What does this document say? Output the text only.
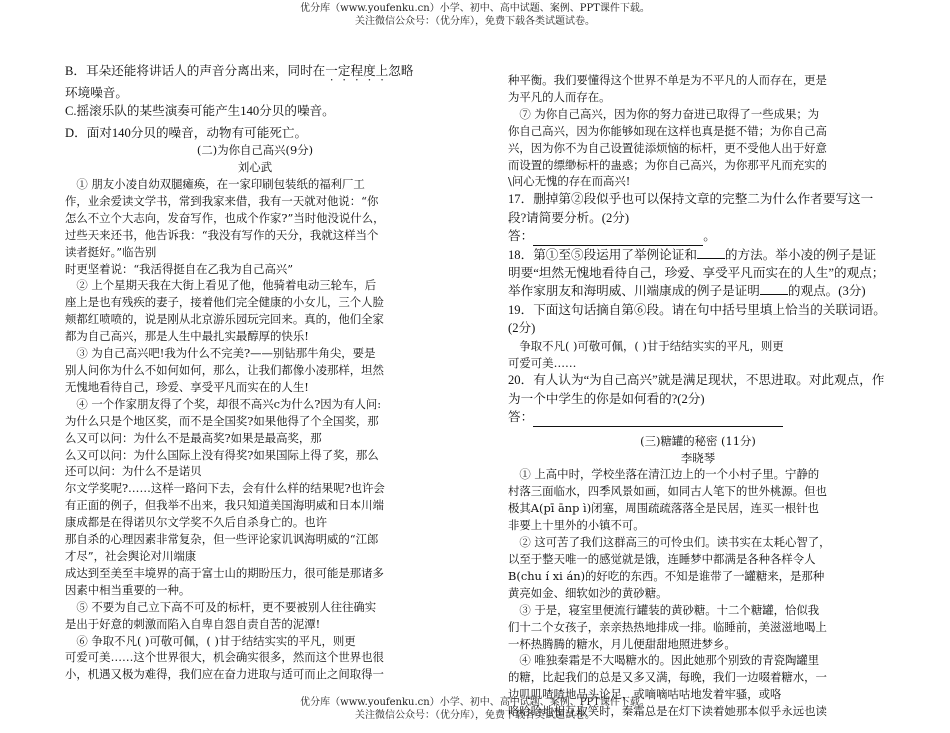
优分库（www.youfenku.cn）小学、初中、高中试题、案例、PPT课件下载。
关注微信公众号：（优分库），免费下载各类试题试卷。

B．耳朵还能将讲话人的声音分离出来，同时在一定程度上忽略

环境噪音。

C.摇滚乐队的某些演奏可能产生140分贝的噪音。

D．面对140分贝的噪音，动物有可能死亡。

(二)为你自己高兴(9分)

刘心武

① 朋友小凌自幼双腿瘫痪，在一家印刷包装纸的福利厂工

作，业余爱读文学书，常到我家来借，我有一天就对他说：“你

怎么不立个大志向，发奋写作，也成个作家?”当时他没说什么，

过些天来还书，他告诉我：“我没有写作的天分，我就这样当个

读者挺好。”临告别

时更坚着说：“我活得挺自在乙我为自己高兴”

② 上个星期天我在大街上看见了他，他骑着电动三轮车，后

座上是也有残疾的妻子，接着他们完全健康的小女儿，三个人脸

颊都红喷喷的，说是刚从北京游乐园玩完回来。真的，他们全家

都为自己高兴，那是人生中最扎实最醇厚的快乐!

③ 为自己高兴吧!我为什么不完美?——别钻那牛角尖，要是

别人问你为什么不如何如何，那么，让我们都像小凌那样，坦然

无愧地看待自己，珍爱、享受平凡而实在的人生!

④ 一个作家朋友得了个奖，却很不高兴c为什么?因为有人问:

为什么只是个地区奖，而不是全国奖?如果他得了个全国奖，那

么又可以问：为什么不是最高奖?如果是最高奖，那

么又可以问：为什么国际上没有得奖?如果国际上得了奖，那么

还可以问：为什么不是诺贝

尔文学奖呢?……这样一路问下去，会有什么样的结果呢?也许会

有正面的例子，但我举不出来，我只知道美国海明威和日本川端

康成都是在得诺贝尔文学奖不久后自杀身亡的。也许

那自杀的心理因素非常复杂，但一些评论家讥讽海明威的“江郎

才尽”，社会舆论对川端康

成达到至美至丰境界的高于富士山的期盼压力，很可能是那诸多

因素中相当重要的一种。

⑤ 不要为自己立下高不可及的标杆，更不要被别人往往确实

是出于好意的刺激而陷入自卑自怨自责自苦的泥潭!

⑥ 争取不凡( )可敬可佩，( )甘于结结实实的平凡，则更

可爱可美……这个世界很大，机会确实很多，然而这个世界也很

小，机遇又极为难得，我们应在奋力进取与适可而止之间取得一

种平衡。我们要懂得这个世界不单是为不平凡的人而存在，更是

为平凡的人而存在。

⑦ 为你自己高兴，因为你的努力奋进已取得了一些成果；为

你自己高兴，因为你能够如现在这样也真是挺不错；为你自己高

兴，因为你不为自己设置徒添烦恼的标杆，更不受他人出于好意

而设置的缥缈标杆的蛊惑；为你自己高兴，为你那平凡而充实的

\问心无愧的存在而高兴!

17．删掉第②段似乎也可以保持文章的完整二为什么作者要写这一段?请简要分析。(2分)

答：	。

18．第①至⑤段运用了举例论证和 的方法。举小凌的例子是证明要“坦然无愧地看待自己，珍爱、享受平凡而实在的人生”的观点；举作家朋友和海明威、川端康成的例子是证明 的观点。(3分)

19．下面这句话摘自第⑥段。请在句中括号里填上恰当的关联词语。(2分)

争取不凡( )可敬可佩，( )甘于结结实实的平凡，则更

可爱可美……

20．有人认为“为自己高兴”就是满足现状，不思进取。对此观点，作为一个中学生的你是如何看的?(2分)

答：

(三)糖罐的秘密 (11分)

李晓琴

① 上高中时，学校坐落在清江边上的一个小村子里。宁静的

村落三面临水，四季风景如画，如同古人笔下的世外桃源。但也

极其A(pī ānp ì)闭塞，周围疏疏落落全是民居，连买一根针也

非要上十里外的小镇不可。

② 这可苦了我们这群高三的可怜虫们。读书实在太耗心智了，

以至于整天唯一的感觉就是饿，连睡梦中都满是各种各样令人

B(chu í xi án)的好吃的东西。不知是谁带了一罐糖来，是那种

黄亮如金、细软如沙的黄砂糖。

③ 于是，寝室里便流行罐装的黄砂糖。十二个糖罐，恰似我

们十二个女孩子，亲亲热热地排成一排。临睡前，美滋滋地喝上

一杯热腾腾的糖水，月儿便甜甜地照进梦乡。

④ 唯独秦霜是不大喝糖水的。因此她那个别致的青瓷陶罐里

的糖，比起我们的总是又多又满，每晚，我们一边啜着糖水，一

边叽叽喳喳地品头论足，或嘀嘀咕咕地发着牢骚，或咯

咯哈哈地相互取笑时，秦霜总是在灯下读着她那本似乎永远也读

优分库（www.youfenku.cn）小学、初中、高中试题、案例、PPT课件下载。
关注微信公众号：（优分库），免费下载各类试题试卷。
